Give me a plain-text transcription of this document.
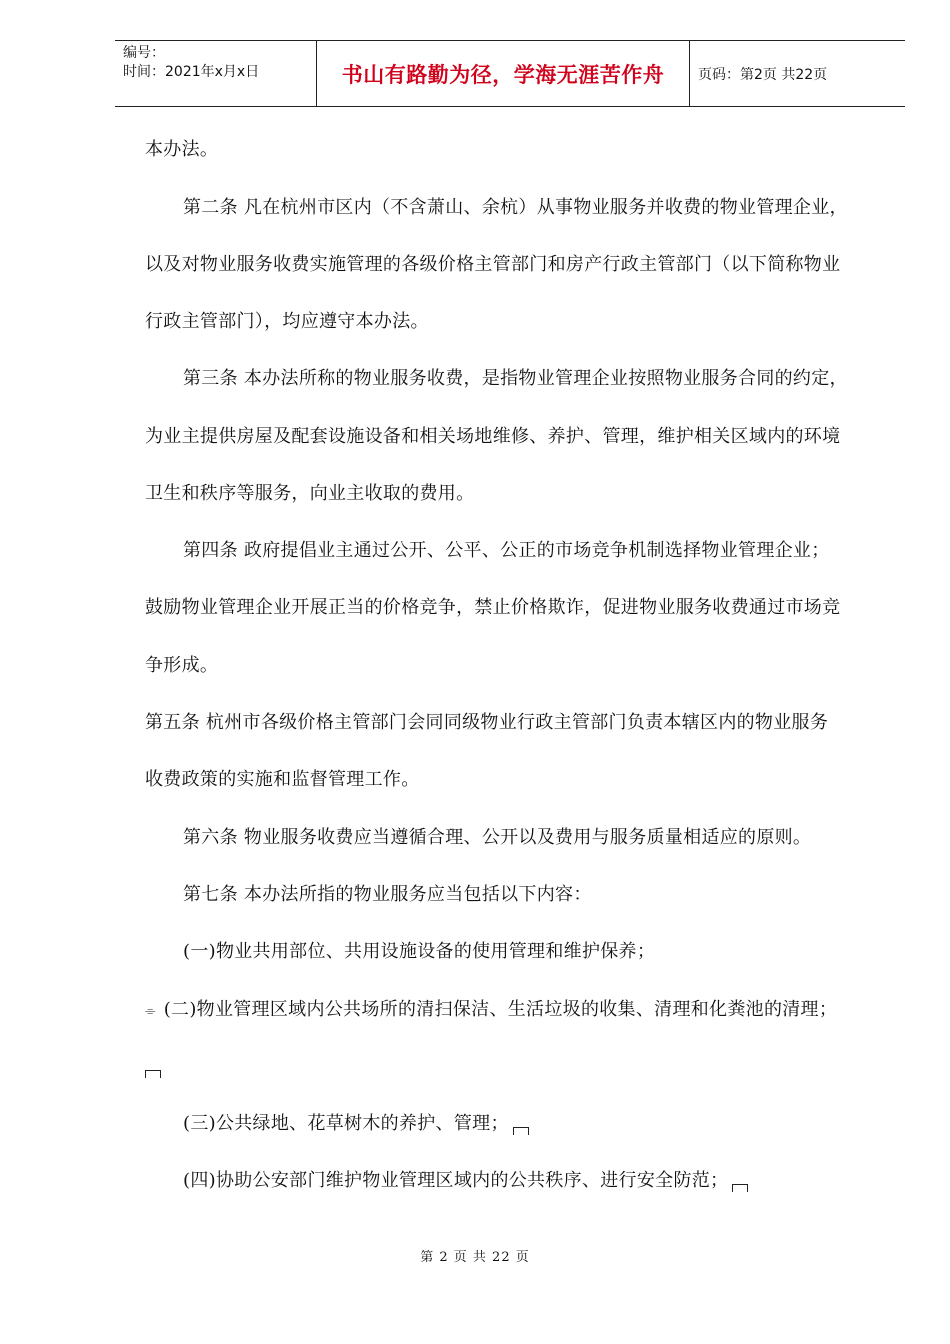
编号：
时间：2021年x月x日	书山有路勤为径，学海无涯苦作舟	页码：第2页 共22页
本办法。
第二条 凡在杭州市区内（不含萧山、余杭）从事物业服务并收费的物业管理企业，
以及对物业服务收费实施管理的各级价格主管部门和房产行政主管部门（以下简称物业
行政主管部门），均应遵守本办法。
第三条 本办法所称的物业服务收费，是指物业管理企业按照物业服务合同的约定，
为业主提供房屋及配套设施设备和相关场地维修、养护、管理，维护相关区域内的环境
卫生和秩序等服务，向业主收取的费用。
第四条 政府提倡业主通过公开、公平、公正的市场竞争机制选择物业管理企业；
鼓励物业管理企业开展正当的价格竞争，禁止价格欺诈，促进物业服务收费通过市场竞
争形成。
第五条 杭州市各级价格主管部门会同同级物业行政主管部门负责本辖区内的物业服务
收费政策的实施和监督管理工作。
第六条 物业服务收费应当遵循合理、公开以及费用与服务质量相适应的原则。
第七条 本办法所指的物业服务应当包括以下内容：
(一)物业共用部位、共用设施设备的使用管理和维护保养；
⌯ (二)物业管理区域内公共场所的清扫保洁、生活垃圾的收集、清理和化粪池的清理；
(三)公共绿地、花草树木的养护、管理；
(四)协助公安部门维护物业管理区域内的公共秩序、进行安全防范；
第 2 页 共 22 页
